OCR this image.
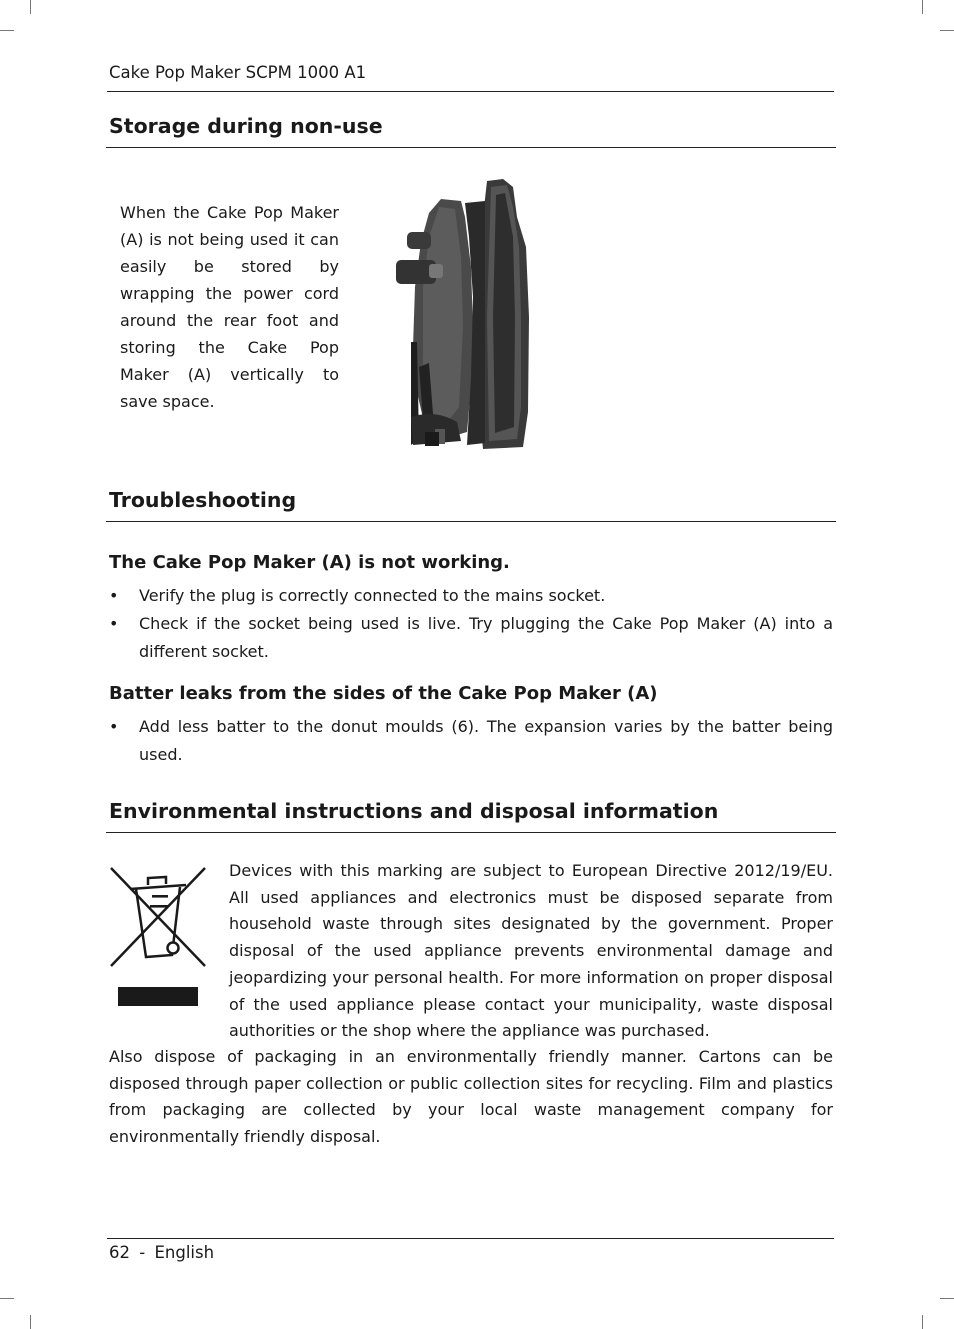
Cake Pop Maker SCPM 1000 A1
Storage during non-use

When the Cake Pop Maker (A) is not being used it can easily be stored by wrapping the power cord around the rear foot and storing the Cake Pop Maker (A) vertically to save space.

Troubleshooting
The Cake Pop Maker (A) is not working.
• Verify the plug is correctly connected to the mains socket.
• Check if the socket being used is live. Try plugging the Cake Pop Maker (A) into a different socket.
Batter leaks from the sides of the Cake Pop Maker (A)
• Add less batter to the donut moulds (6). The expansion varies by the batter being used.
Environmental instructions and disposal information

Devices with this marking are subject to European Directive 2012/19/EU. All used appliances and electronics must be disposed separate from household waste through sites designated by the government. Proper disposal of the used appliance prevents environmental damage and jeopardizing your personal health. For more information on proper disposal of the used appliance please contact your municipality, waste disposal authorities or the shop where the appliance was purchased.

Also dispose of packaging in an environmentally friendly manner. Cartons can be disposed through paper collection or public collection sites for recycling. Film and plastics from packaging are collected by your local waste management company for environmentally friendly disposal.

62 - English
